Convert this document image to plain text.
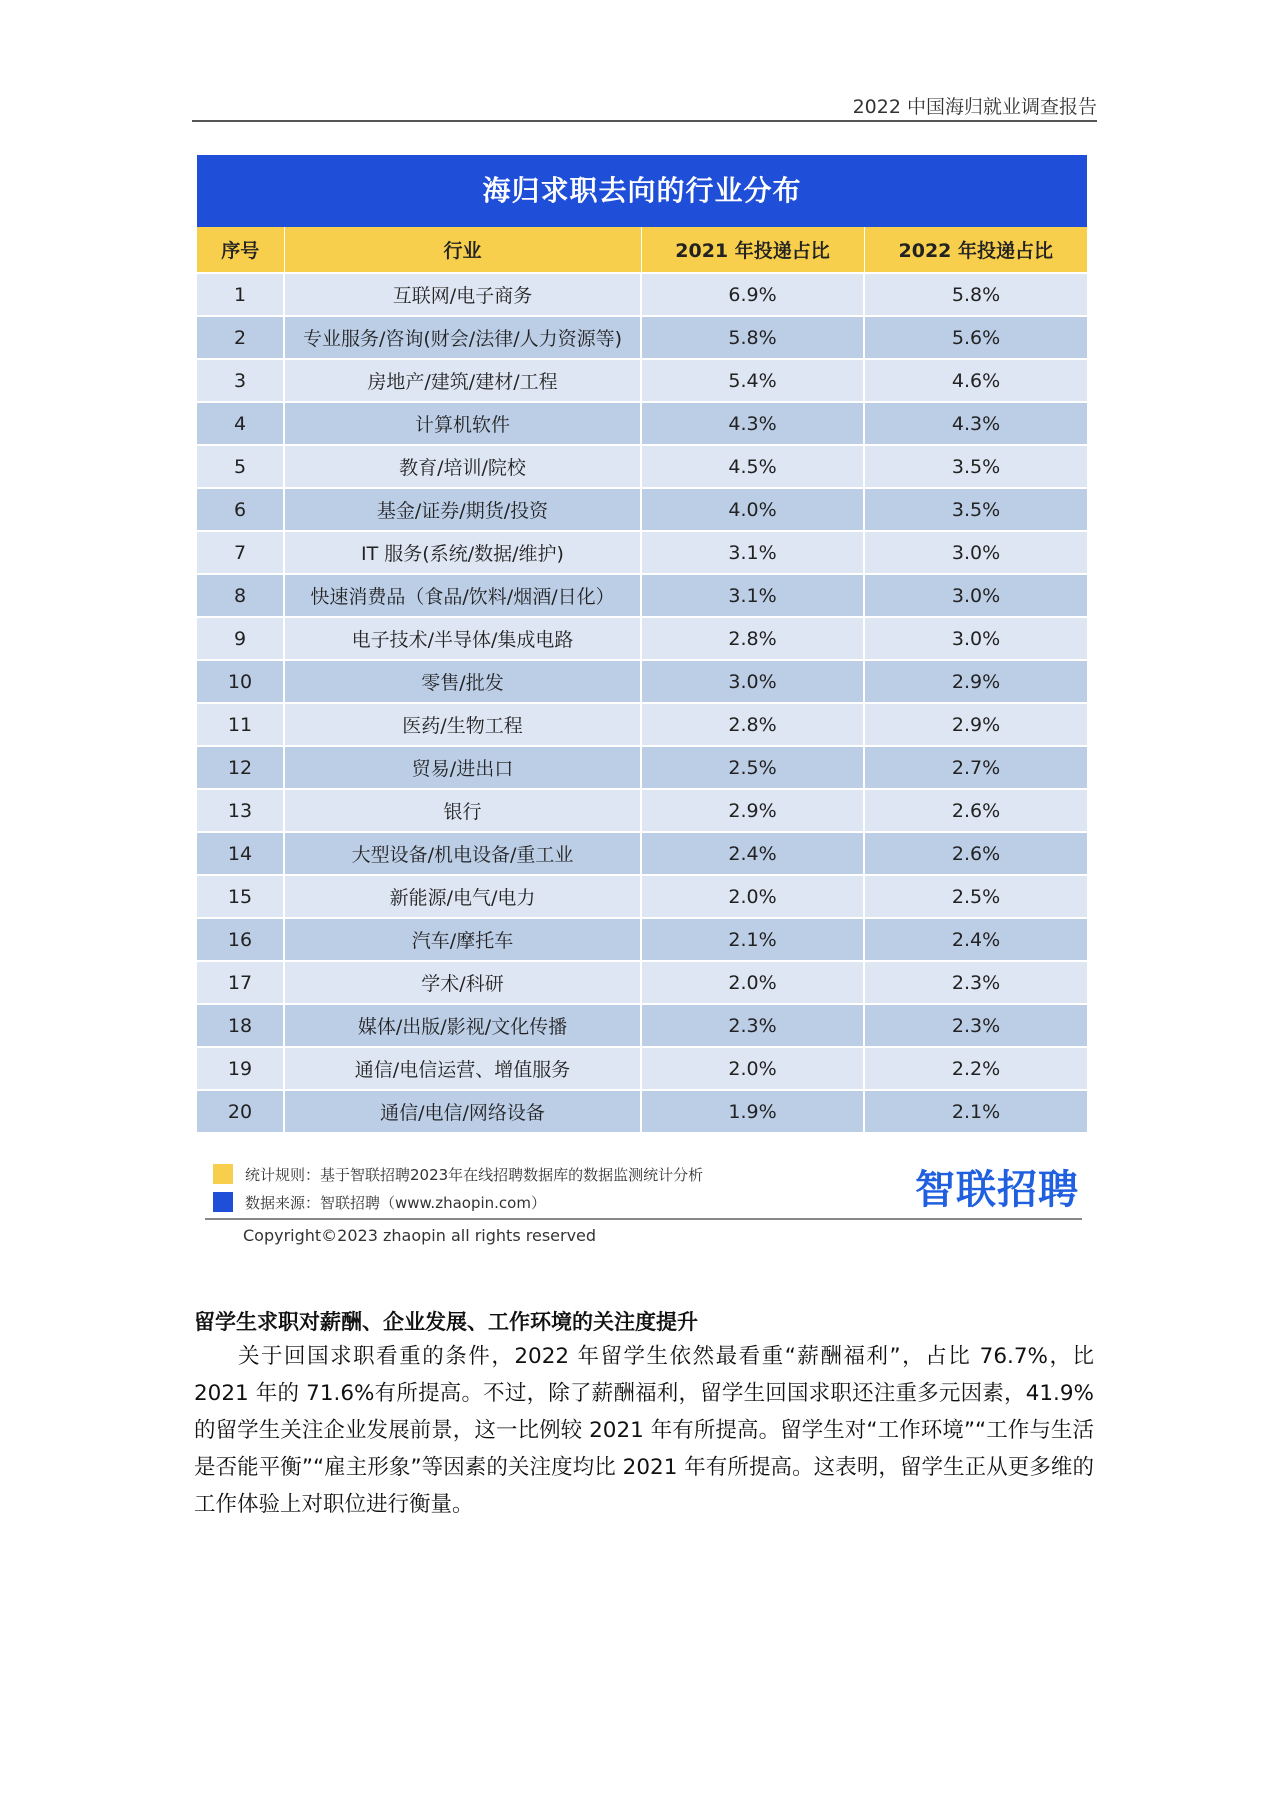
2022 中国海归就业调查报告
海归求职去向的行业分布
序号	行业	2021 年投递占比	2022 年投递占比
1	互联网/电子商务	6.9%	5.8%
2	专业服务/咨询(财会/法律/人力资源等)	5.8%	5.6%
3	房地产/建筑/建材/工程	5.4%	4.6%
4	计算机软件	4.3%	4.3%
5	教育/培训/院校	4.5%	3.5%
6	基金/证券/期货/投资	4.0%	3.5%
7	IT 服务(系统/数据/维护)	3.1%	3.0%
8	快速消费品（食品/饮料/烟酒/日化）	3.1%	3.0%
9	电子技术/半导体/集成电路	2.8%	3.0%
10	零售/批发	3.0%	2.9%
11	医药/生物工程	2.8%	2.9%
12	贸易/进出口	2.5%	2.7%
13	银行	2.9%	2.6%
14	大型设备/机电设备/重工业	2.4%	2.6%
15	新能源/电气/电力	2.0%	2.5%
16	汽车/摩托车	2.1%	2.4%
17	学术/科研	2.0%	2.3%
18	媒体/出版/影视/文化传播	2.3%	2.3%
19	通信/电信运营、增值服务	2.0%	2.2%
20	通信/电信/网络设备	1.9%	2.1%
统计规则：基于智联招聘2023年在线招聘数据库的数据监测统计分析
数据来源：智联招聘（www.zhaopin.com）	智联招聘
Copyright©2023 zhaopin all rights reserved
留学生求职对薪酬、企业发展、工作环境的关注度提升

关于回国求职看重的条件，2022 年留学生依然最看重“薪酬福利”，占比 76.7%，比 2021 年的 71.6%有所提高。不过，除了薪酬福利，留学生回国求职还注重多元因素，41.9%的留学生关注企业发展前景，这一比例较 2021 年有所提高。留学生对“工作环境”“工作与生活是否能平衡”“雇主形象”等因素的关注度均比 2021 年有所提高。这表明，留学生正从更多维的工作体验上对职位进行衡量。
